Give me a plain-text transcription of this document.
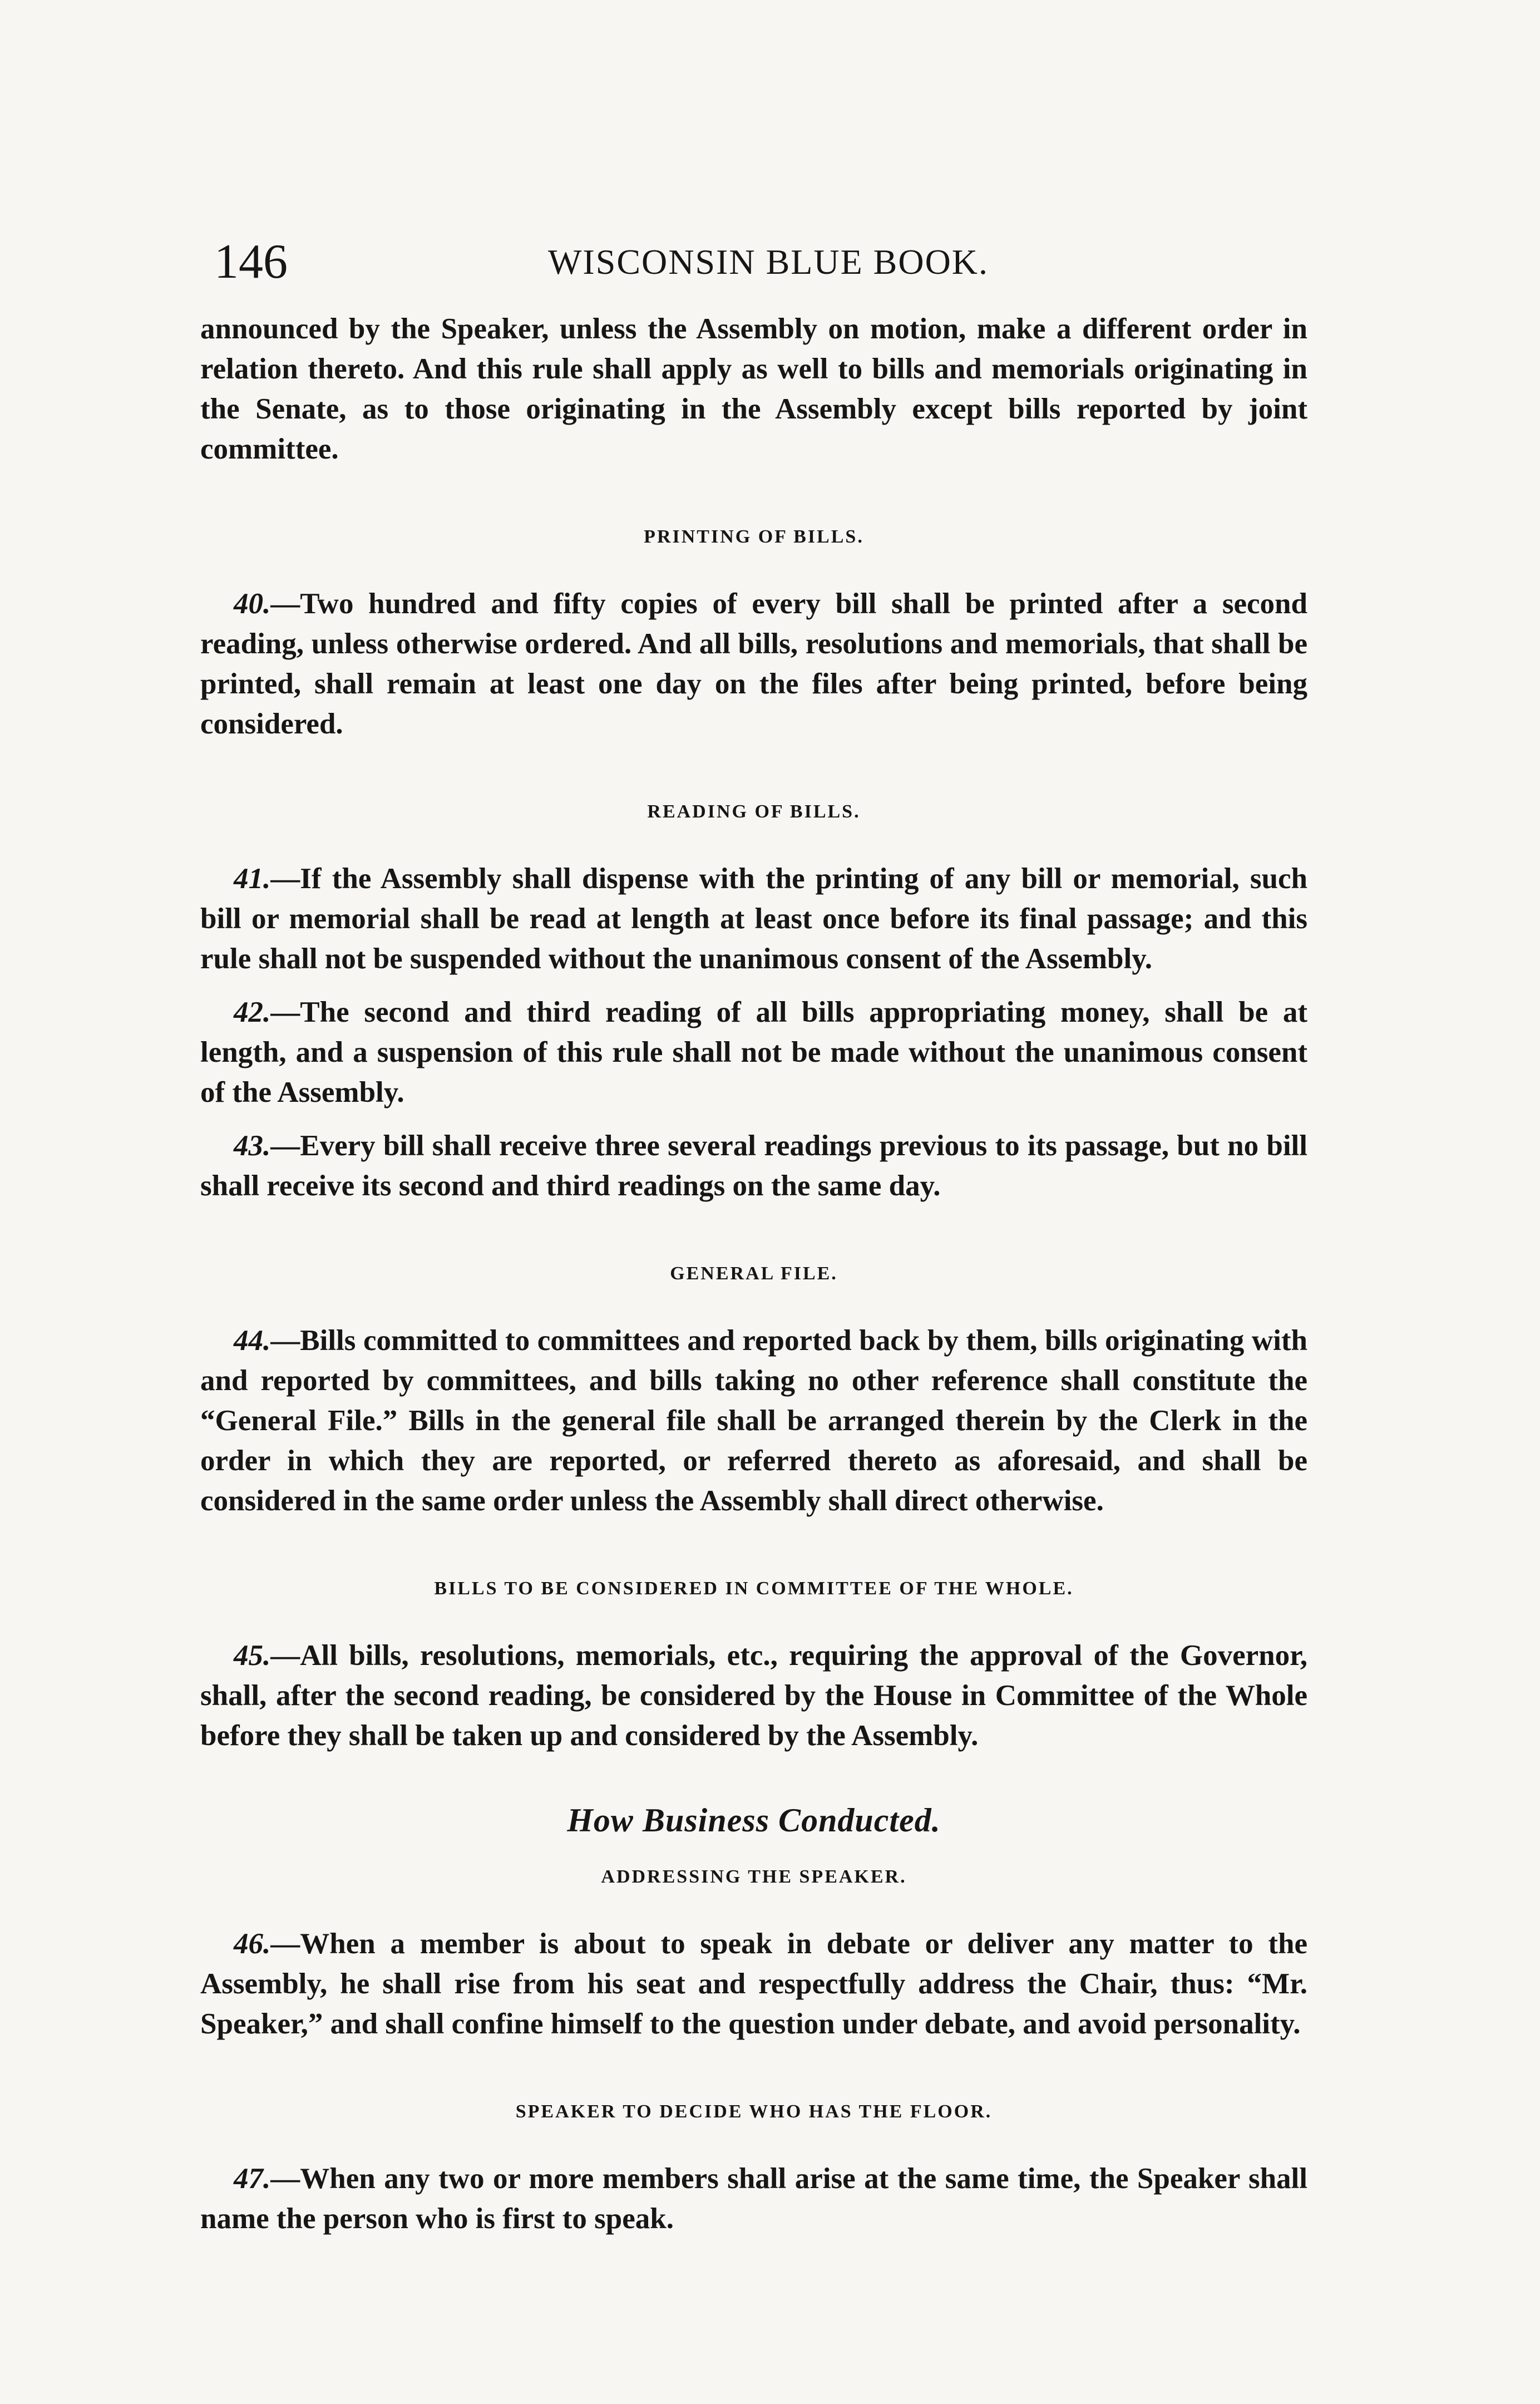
146	WISCONSIN BLUE BOOK.

announced by the Speaker, unless the Assembly on motion, make a different order in relation thereto. And this rule shall apply as well to bills and memorials originating in the Senate, as to those originating in the Assembly except bills reported by joint committee.

PRINTING OF BILLS.

40.—Two hundred and fifty copies of every bill shall be printed after a second reading, unless otherwise ordered. And all bills, resolutions and memorials, that shall be printed, shall remain at least one day on the files after being printed, before being considered.

READING OF BILLS.

41.—If the Assembly shall dispense with the printing of any bill or memorial, such bill or memorial shall be read at length at least once before its final passage; and this rule shall not be suspended without the unanimous consent of the Assembly.

42.—The second and third reading of all bills appropriating money, shall be at length, and a suspension of this rule shall not be made without the unanimous consent of the Assembly.

43.—Every bill shall receive three several readings previous to its passage, but no bill shall receive its second and third readings on the same day.

GENERAL FILE.

44.—Bills committed to committees and reported back by them, bills originating with and reported by committees, and bills taking no other reference shall constitute the “General File.” Bills in the general file shall be arranged therein by the Clerk in the order in which they are reported, or referred thereto as aforesaid, and shall be considered in the same order unless the Assembly shall direct otherwise.

BILLS TO BE CONSIDERED IN COMMITTEE OF THE WHOLE.

45.—All bills, resolutions, memorials, etc., requiring the approval of the Governor, shall, after the second reading, be considered by the House in Committee of the Whole before they shall be taken up and considered by the Assembly.

How Business Conducted.
ADDRESSING THE SPEAKER.

46.—When a member is about to speak in debate or deliver any matter to the Assembly, he shall rise from his seat and respectfully address the Chair, thus: “Mr. Speaker,” and shall confine himself to the question under debate, and avoid personality.

SPEAKER TO DECIDE WHO HAS THE FLOOR.

47.—When any two or more members shall arise at the same time, the Speaker shall name the person who is first to speak.
